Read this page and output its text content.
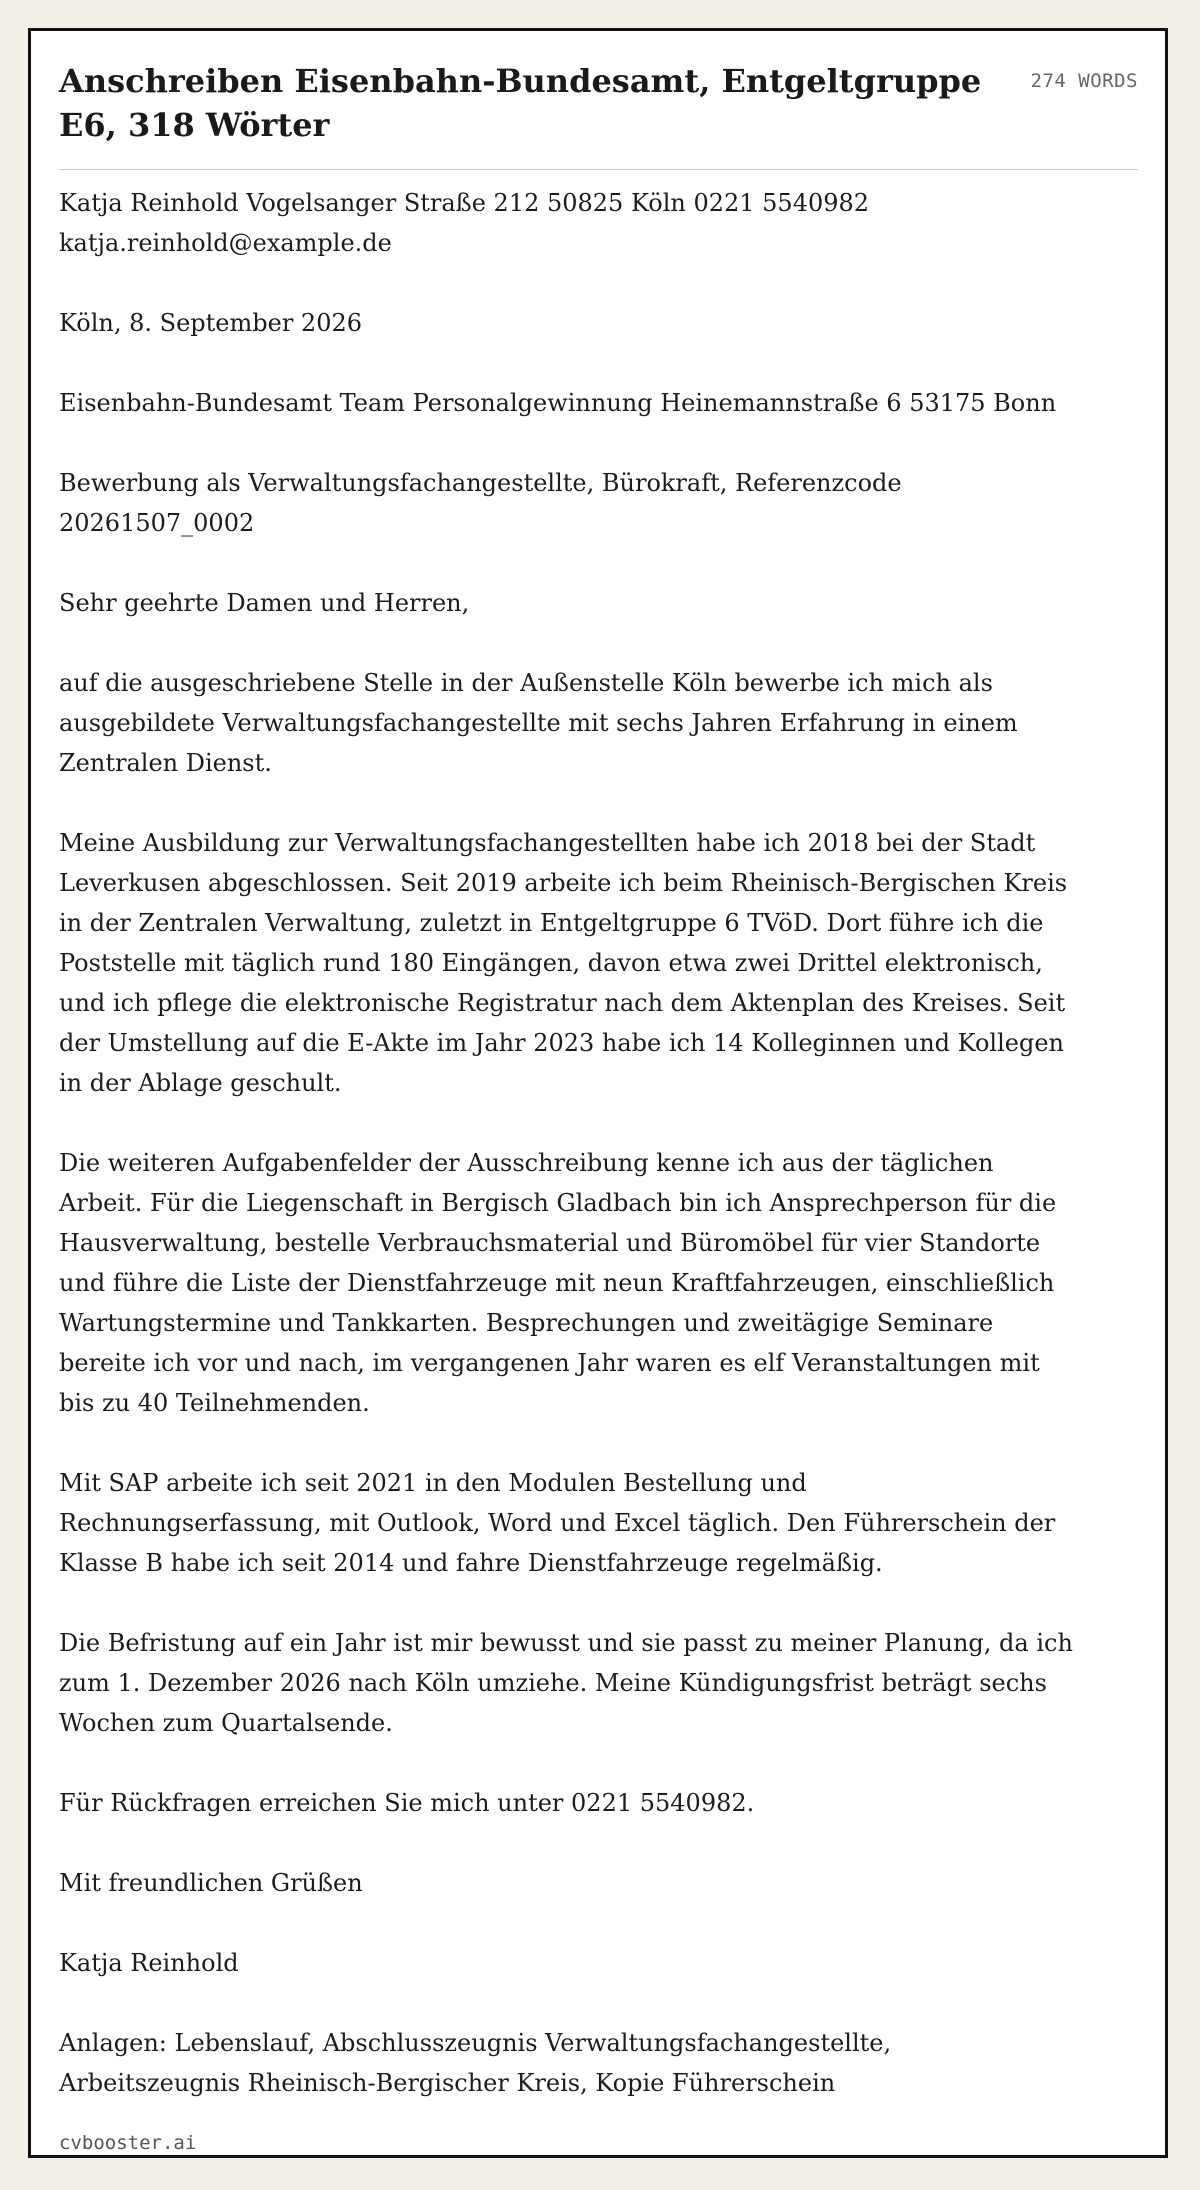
Anschreiben Eisenbahn-Bundesamt, Entgeltgruppe E6, 318 Wörter
274 WORDS

Katja Reinhold Vogelsanger Straße 212 50825 Köln 0221 5540982 katja.reinhold@example.de

Köln, 8. September 2026

Eisenbahn-Bundesamt Team Personalgewinnung Heinemannstraße 6 53175 Bonn

Bewerbung als Verwaltungsfachangestellte, Bürokraft, Referenzcode 20261507_0002

Sehr geehrte Damen und Herren,

auf die ausgeschriebene Stelle in der Außenstelle Köln bewerbe ich mich als ausgebildete Verwaltungsfachangestellte mit sechs Jahren Erfahrung in einem Zentralen Dienst.

Meine Ausbildung zur Verwaltungsfachangestellten habe ich 2018 bei der Stadt Leverkusen abgeschlossen. Seit 2019 arbeite ich beim Rheinisch-Bergischen Kreis in der Zentralen Verwaltung, zuletzt in Entgeltgruppe 6 TVöD. Dort führe ich die Poststelle mit täglich rund 180 Eingängen, davon etwa zwei Drittel elektronisch, und ich pflege die elektronische Registratur nach dem Aktenplan des Kreises. Seit der Umstellung auf die E-Akte im Jahr 2023 habe ich 14 Kolleginnen und Kollegen in der Ablage geschult.

Die weiteren Aufgabenfelder der Ausschreibung kenne ich aus der täglichen Arbeit. Für die Liegenschaft in Bergisch Gladbach bin ich Ansprechperson für die Hausverwaltung, bestelle Verbrauchsmaterial und Büromöbel für vier Standorte und führe die Liste der Dienstfahrzeuge mit neun Kraftfahrzeugen, einschließlich Wartungstermine und Tankkarten. Besprechungen und zweitägige Seminare bereite ich vor und nach, im vergangenen Jahr waren es elf Veranstaltungen mit bis zu 40 Teilnehmenden.

Mit SAP arbeite ich seit 2021 in den Modulen Bestellung und Rechnungserfassung, mit Outlook, Word und Excel täglich. Den Führerschein der Klasse B habe ich seit 2014 und fahre Dienstfahrzeuge regelmäßig.

Die Befristung auf ein Jahr ist mir bewusst und sie passt zu meiner Planung, da ich zum 1. Dezember 2026 nach Köln umziehe. Meine Kündigungsfrist beträgt sechs Wochen zum Quartalsende.

Für Rückfragen erreichen Sie mich unter 0221 5540982.

Mit freundlichen Grüßen

Katja Reinhold

Anlagen: Lebenslauf, Abschlusszeugnis Verwaltungsfachangestellte, Arbeitszeugnis Rheinisch-Bergischer Kreis, Kopie Führerschein

cvbooster.ai
